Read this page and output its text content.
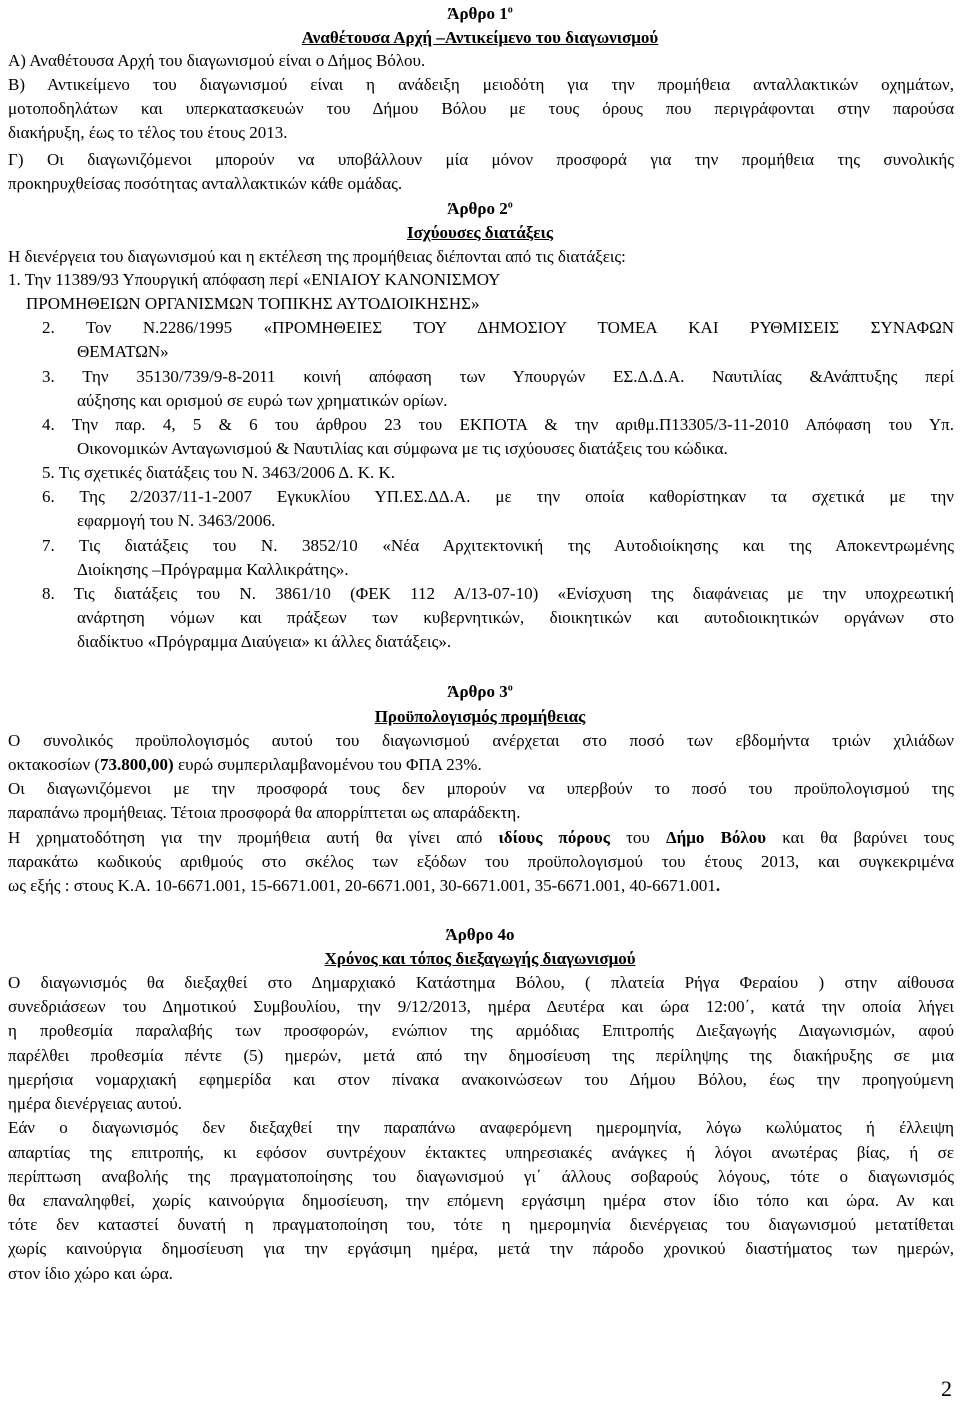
Άρθρο $1^o$
Αναθέτουσα Αρχή –Αντικείμενο του διαγωνισμού
Α) Αναθέτουσα Αρχή του διαγωνισμού είναι ο Δήμος Βόλου.
Β) Αντικείμενο του διαγωνισμού είναι η ανάδειξη μειοδότη για την προμήθεια ανταλλακτικών οχημάτων,
μοτοποδηλάτων και υπερκατασκευών του Δήμου Βόλου με τους όρους που περιγράφονται στην παρούσα
διακήρυξη, έως το τέλος του έτους 2013.
Γ) Οι διαγωνιζόμενοι μπορούν να υποβάλλουν μία μόνον προσφορά για την προμήθεια της συνολικής
προκηρυχθείσας ποσότητας ανταλλακτικών κάθε ομάδας.
Άρθρο $2^o$
Ισχύουσες διατάξεις
Η διενέργεια του διαγωνισμού και η εκτέλεση της προμήθειας διέπονται από τις διατάξεις:
1. Την 11389/93 Υπουργική απόφαση περί «ΕΝΙΑΙΟΥ ΚΑΝΟΝΙΣΜΟΥ
ΠΡΟΜΗΘΕΙΩΝ ΟΡΓΑΝΙΣΜΩΝ ΤΟΠΙΚΗΣ ΑΥΤΟΔΙΟΙΚΗΣΗΣ»
2. Τον Ν.2286/1995 «ΠΡΟΜΗΘΕΙΕΣ ΤΟΥ ΔΗΜΟΣΙΟΥ ΤΟΜΕΑ ΚΑΙ ΡΥΘΜΙΣΕΙΣ ΣΥΝΑΦΩΝ
ΘΕΜΑΤΩΝ»
3. Την 35130/739/9-8-2011 κοινή απόφαση των Υπουργών ΕΣ.Δ.Δ.Α. Ναυτιλίας &Ανάπτυξης περί
αύξησης και ορισμού σε ευρώ των χρηματικών ορίων.
4. Την παρ. 4, 5 & 6 του άρθρου 23 του ΕΚΠΟΤΑ & την αριθμ.Π13305/3-11-2010 Απόφαση του Υπ.
Οικονομικών Ανταγωνισμού & Ναυτιλίας και σύμφωνα με τις ισχύουσες διατάξεις του κώδικα.
5. Τις σχετικές διατάξεις του Ν. 3463/2006 Δ. Κ. Κ.
6. Της 2/2037/11-1-2007 Εγκυκλίου ΥΠ.ΕΣ.ΔΔ.Α. με την οποία καθορίστηκαν τα σχετικά με την
εφαρμογή του Ν. 3463/2006.
7. Τις διατάξεις του Ν. 3852/10 «Νέα Αρχιτεκτονική της Αυτοδιοίκησης και της Αποκεντρωμένης
Διοίκησης –Πρόγραμμα Καλλικράτης».
8. Τις διατάξεις του Ν. 3861/10 (ΦΕΚ 112 Α/13-07-10) «Ενίσχυση της διαφάνειας με την υποχρεωτική
ανάρτηση νόμων και πράξεων των κυβερνητικών, διοικητικών και αυτοδιοικητικών οργάνων στο
διαδίκτυο «Πρόγραμμα Διαύγεια» κι άλλες διατάξεις».
Άρθρο $3^o$
Προϋπολογισμός προμήθειας
Ο συνολικός προϋπολογισμός αυτού του διαγωνισμού ανέρχεται στο ποσό των εβδομήντα τριών χιλιάδων
οκτακοσίων (73.800,00) ευρώ συμπεριλαμβανομένου του ΦΠΑ 23%.
Οι διαγωνιζόμενοι με την προσφορά τους δεν μπορούν να υπερβούν το ποσό του προϋπολογισμού της
παραπάνω προμήθειας. Τέτοια προσφορά θα απορρίπτεται ως απαράδεκτη.
Η χρηματοδότηση για την προμήθεια αυτή θα γίνει από ιδίους πόρους του Δήμο Βόλου και θα βαρύνει τους
παρακάτω κωδικούς αριθμούς στο σκέλος των εξόδων του προϋπολογισμού του έτους 2013, και συγκεκριμένα
ως εξής : στους Κ.Α. 10-6671.001, 15-6671.001, 20-6671.001, 30-6671.001, 35-6671.001, 40-6671.001.
Άρθρο 4ο
Χρόνος και τόπος διεξαγωγής διαγωνισμού
Ο διαγωνισμός θα διεξαχθεί στο Δημαρχιακό Κατάστημα Βόλου, ( πλατεία Ρήγα Φεραίου ) στην αίθουσα
συνεδριάσεων του Δημοτικού Συμβουλίου, την 9/12/2013, ημέρα Δευτέρα και ώρα 12:00΄, κατά την οποία λήγει
η προθεσμία παραλαβής των προσφορών, ενώπιον της αρμόδιας Επιτροπής Διεξαγωγής Διαγωνισμών, αφού
παρέλθει προθεσμία πέντε (5) ημερών, μετά από την δημοσίευση της περίληψης της διακήρυξης σε μια
ημερήσια νομαρχιακή εφημερίδα και στον πίνακα ανακοινώσεων του Δήμου Βόλου, έως την προηγούμενη
ημέρα διενέργειας αυτού.
Εάν ο διαγωνισμός δεν διεξαχθεί την παραπάνω αναφερόμενη ημερομηνία, λόγω κωλύματος ή έλλειψη
απαρτίας της επιτροπής, κι εφόσον συντρέχουν έκτακτες υπηρεσιακές ανάγκες ή λόγοι ανωτέρας βίας, ή σε
περίπτωση αναβολής της πραγματοποίησης του διαγωνισμού γι΄ άλλους σοβαρούς λόγους, τότε ο διαγωνισμός
θα επαναληφθεί, χωρίς καινούργια δημοσίευση, την επόμενη εργάσιμη ημέρα στον ίδιο τόπο και ώρα. Αν και
τότε δεν καταστεί δυνατή η πραγματοποίηση του, τότε η ημερομηνία διενέργειας του διαγωνισμού μετατίθεται
χωρίς καινούργια δημοσίευση για την εργάσιμη ημέρα, μετά την πάροδο χρονικού διαστήματος των ημερών,
στον ίδιο χώρο και ώρα.
2
